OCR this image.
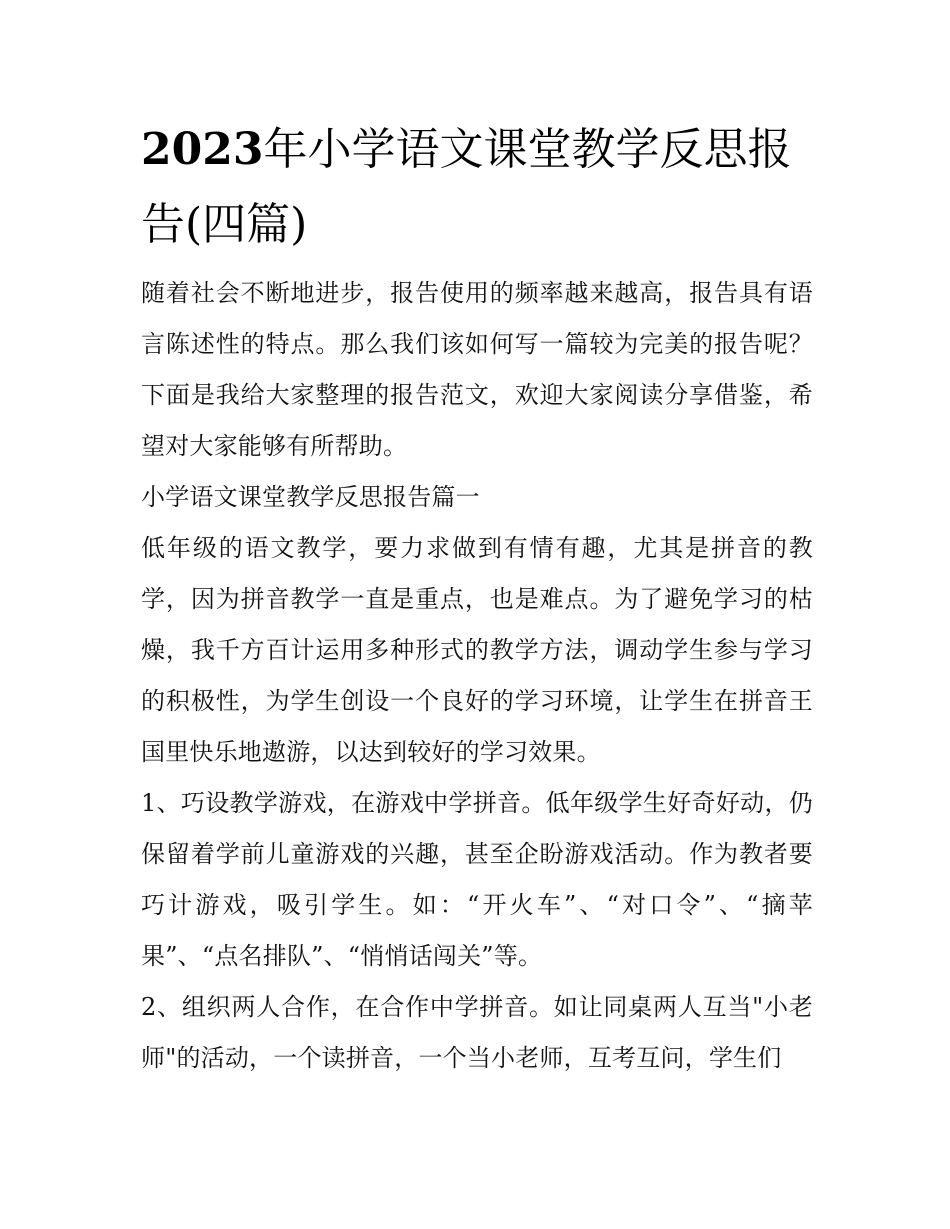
2023年小学语文课堂教学反思报告(四篇)

随着社会不断地进步，报告使用的频率越来越高，报告具有语言陈述性的特点。那么我们该如何写一篇较为完美的报告呢？下面是我给大家整理的报告范文，欢迎大家阅读分享借鉴，希望对大家能够有所帮助。

小学语文课堂教学反思报告篇一

低年级的语文教学，要力求做到有情有趣，尤其是拼音的教学，因为拼音教学一直是重点，也是难点。为了避免学习的枯燥，我千方百计运用多种形式的教学方法，调动学生参与学习的积极性，为学生创设一个良好的学习环境，让学生在拼音王国里快乐地遨游，以达到较好的学习效果。

1、巧设教学游戏，在游戏中学拼音。低年级学生好奇好动，仍保留着学前儿童游戏的兴趣，甚至企盼游戏活动。作为教者要巧计游戏，吸引学生。如：“开火车”、“对口令”、“摘苹果”、“点名排队”、“悄悄话闯关”等。

2、组织两人合作，在合作中学拼音。如让同桌两人互当"小老师"的活动，一个读拼音，一个当小老师，互考互问，学生们
